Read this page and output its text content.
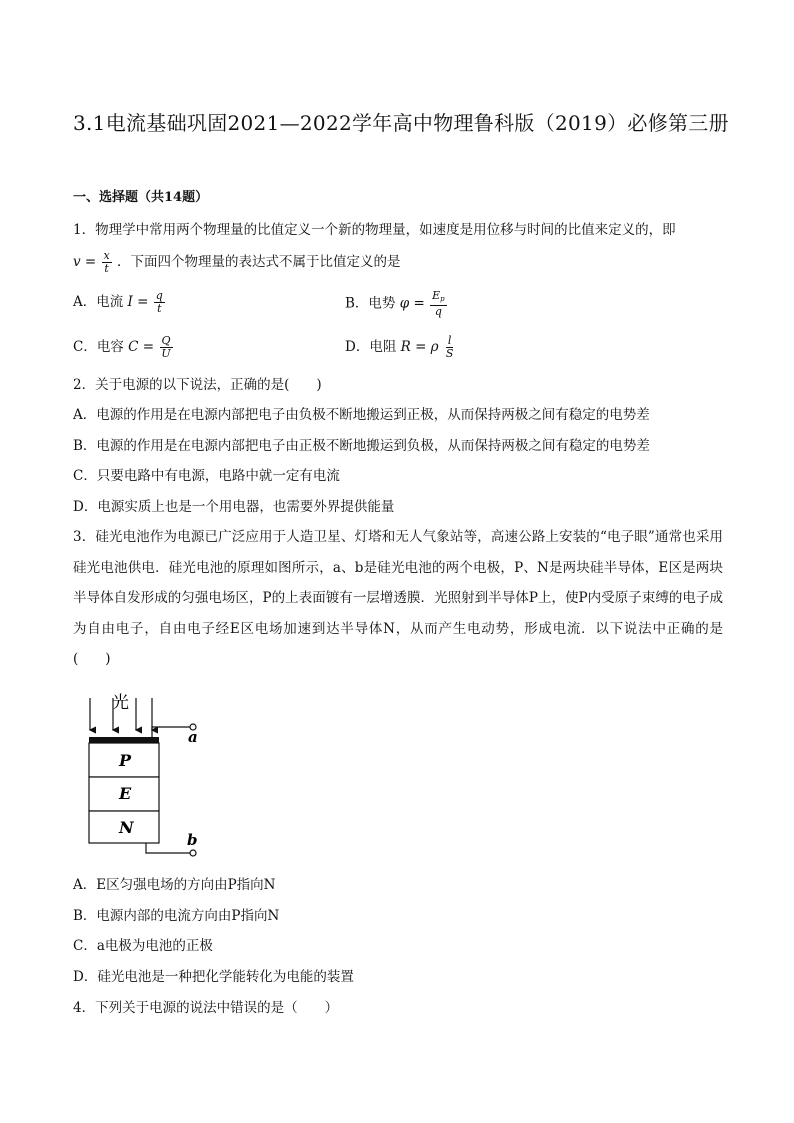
3.1电流基础巩固2021—2022学年高中物理鲁科版（2019）必修第三册
一、选择题（共14题）
1．物理学中常用两个物理量的比值定义一个新的物理量，如速度是用位移与时间的比值来定义的，即
$v = \frac{x}{t}$ ．下面四个物理量的表达式不属于比值定义的是
A．电流 $I = \frac{q}{t}$	B．电势 $\varphi = \frac{E_p}{q}$
C．电容 $C = \frac{Q}{U}$	D．电阻 R = ρ $\frac{l}{S}$
2．关于电源的以下说法，正确的是(　　)
A．电源的作用是在电源内部把电子由负极不断地搬运到正极，从而保持两极之间有稳定的电势差
B．电源的作用是在电源内部把电子由正极不断地搬运到负极，从而保持两极之间有稳定的电势差
C．只要电路中有电源，电路中就一定有电流
D．电源实质上也是一个用电器，也需要外界提供能量
3．硅光电池作为电源已广泛应用于人造卫星、灯塔和无人气象站等，高速公路上安装的“电子眼”通常也采用硅光电池供电．硅光电池的原理如图所示，a、b是硅光电池的两个电极，P、N是两块硅半导体，E区是两块半导体自发形成的匀强电场区，P的上表面镀有一层增透膜．光照射到半导体P上，使P内受原子束缚的电子成为自由电子，自由电子经E区电场加速到达半导体N，从而产生电动势，形成电流．以下说法中正确的是(　　)
光
P
E
N
a
b
A．E区匀强电场的方向由P指向N
B．电源内部的电流方向由P指向N
C．a电极为电池的正极
D．硅光电池是一种把化学能转化为电能的装置
4．下列关于电源的说法中错误的是（　　）
